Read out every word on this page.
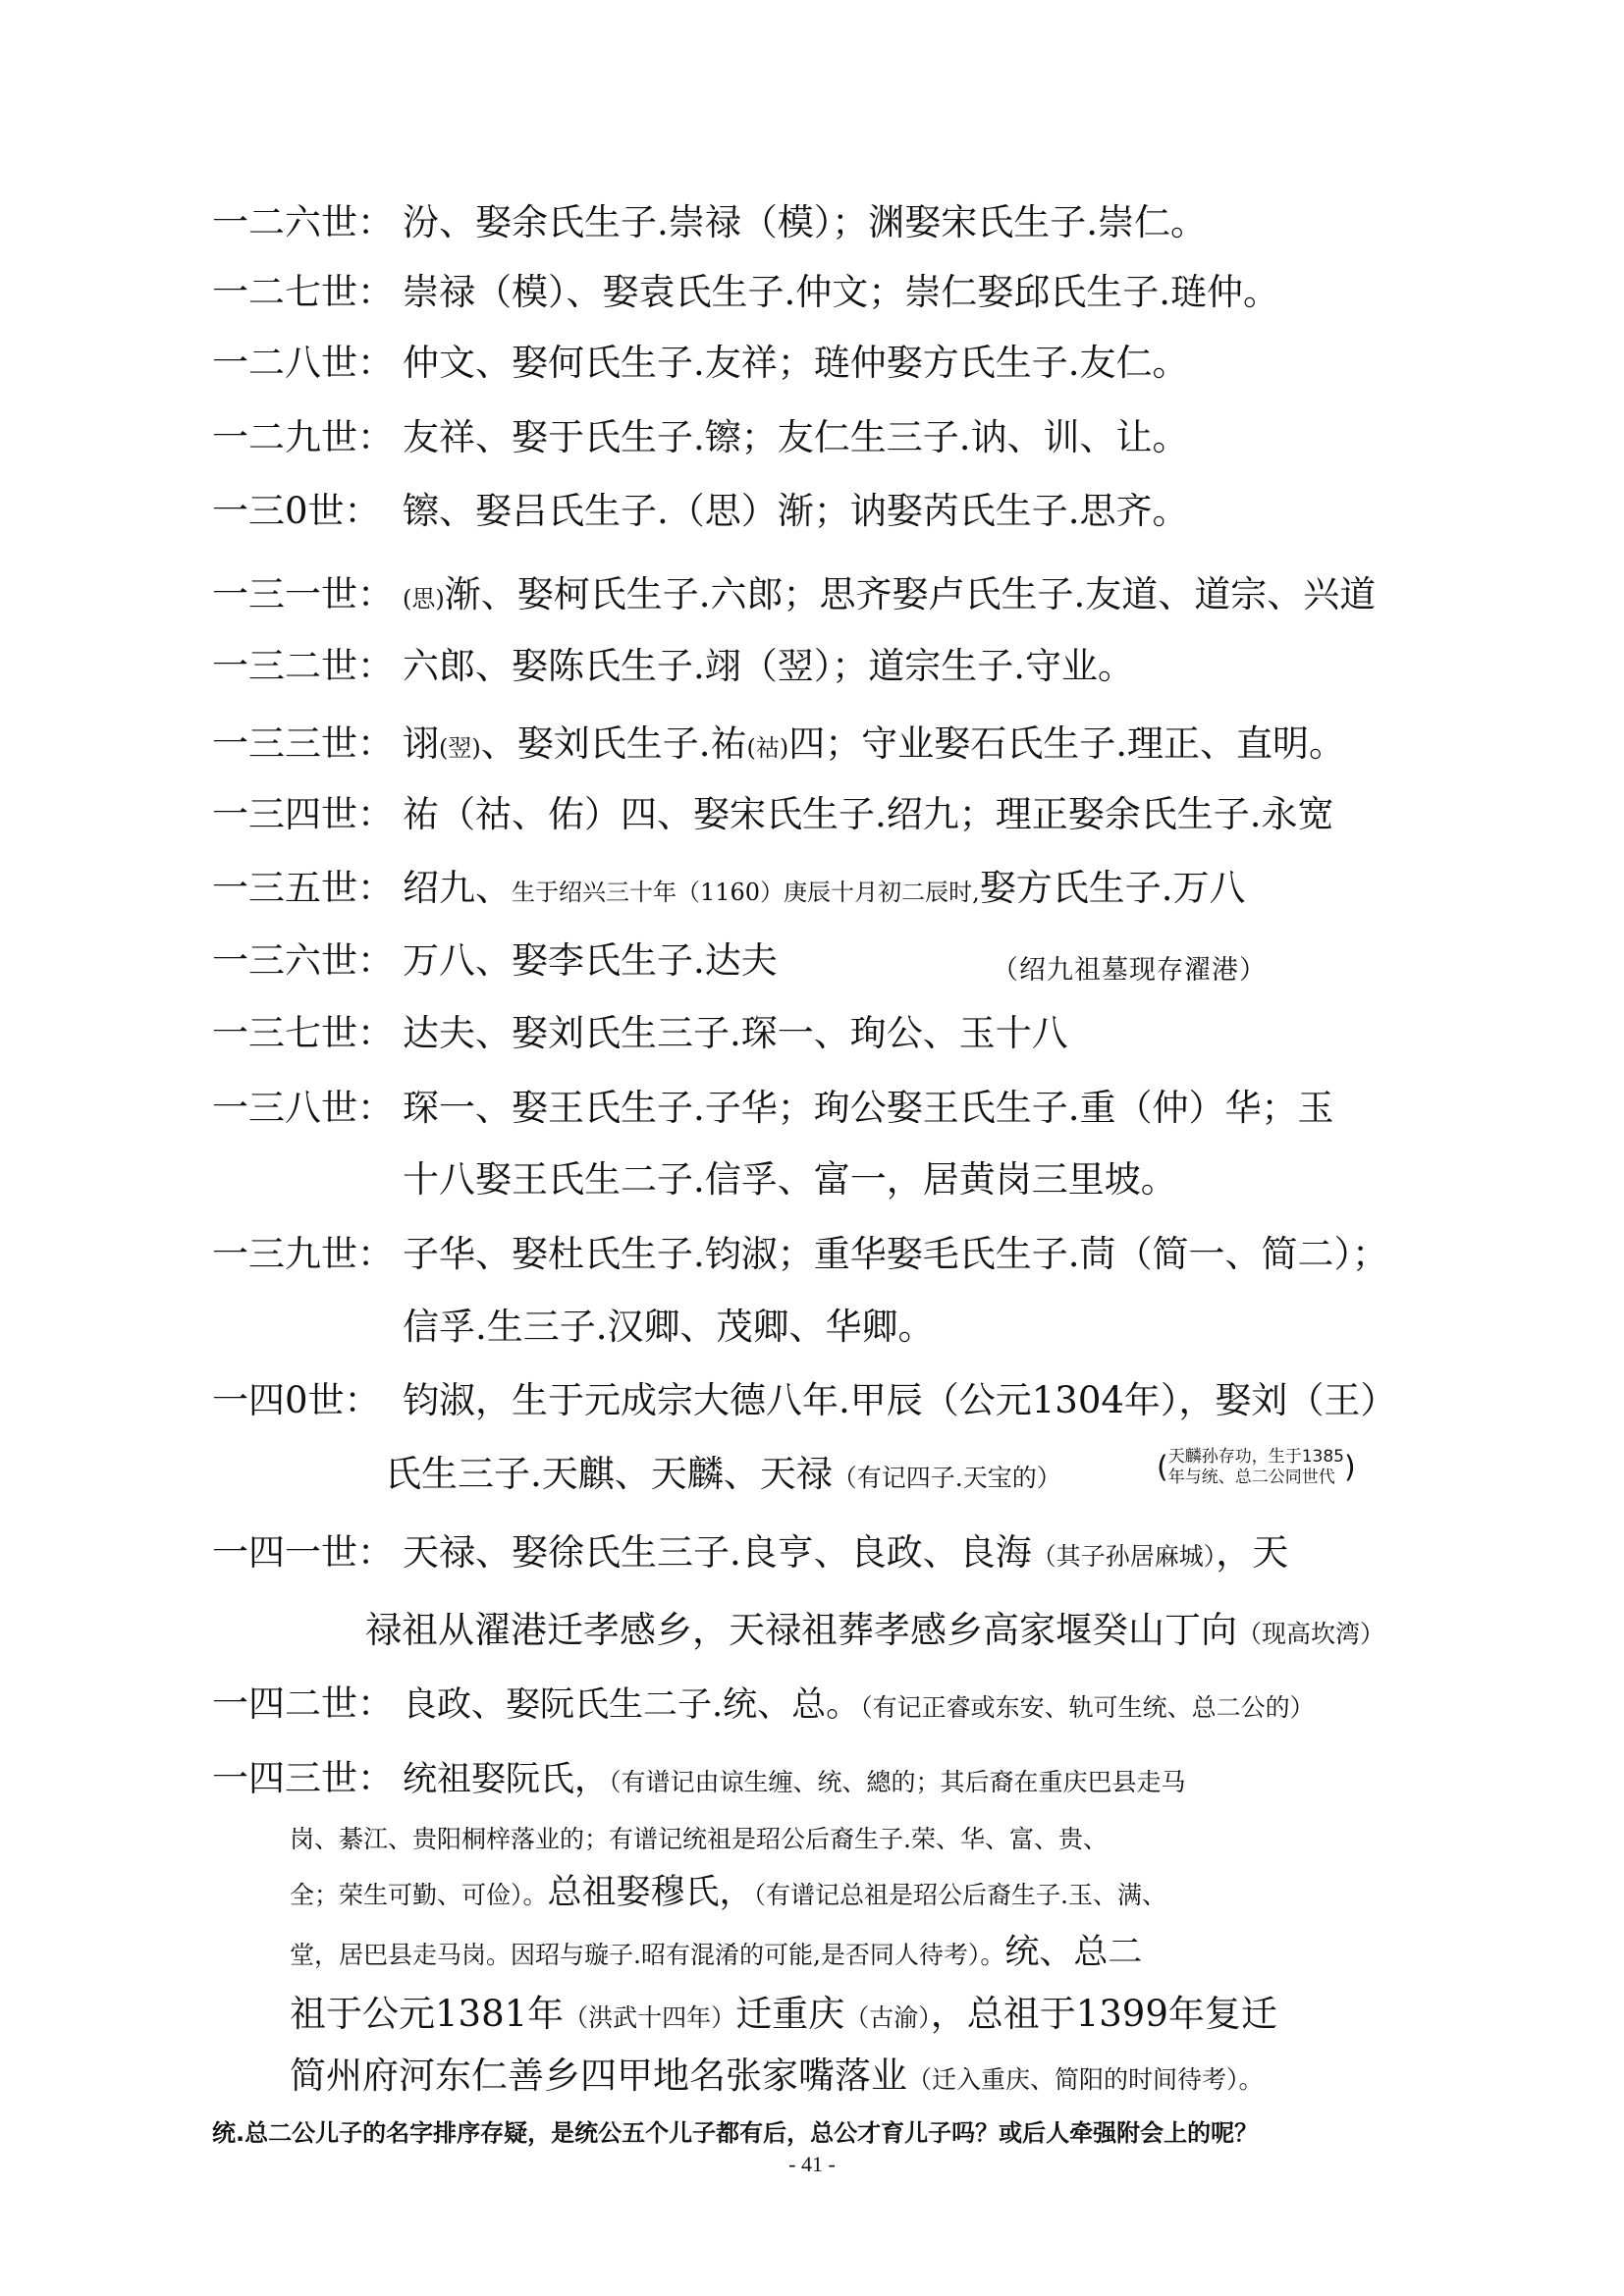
一二六世： 汾、娶余氏生子.崇禄（模）；渊娶宋氏生子.崇仁。
一二七世： 崇禄（模）、娶袁氏生子.仲文；崇仁娶邱氏生子.琏仲。
一二八世： 仲文、娶何氏生子.友祥；琏仲娶方氏生子.友仁。
一二九世： 友祥、娶于氏生子.镲；友仁生三子.讷、训、让。
一三0世： 镲、娶吕氏生子.（思）渐；讷娶芮氏生子.思齐。
一三一世： (思)渐、娶柯氏生子.六郎；思齐娶卢氏生子.友道、道宗、兴道
一三二世： 六郎、娶陈氏生子.翊（翌）；道宗生子.守业。
一三三世： 诩(翌)、娶刘氏生子.祐(祜)四；守业娶石氏生子.理正、直明。
一三四世： 祐（祜、佑）四、娶宋氏生子.绍九；理正娶余氏生子.永宽
一三五世： 绍九、生于绍兴三十年（1160）庚辰十月初二辰时,娶方氏生子.万八
一三六世： 万八、娶李氏生子.达夫	（绍九祖墓现存濯港）
一三七世： 达夫、娶刘氏生三子.琛一、珣公、玉十八
一三八世： 琛一、娶王氏生子.子华；珣公娶王氏生子.重（仲）华；玉
十八娶王氏生二子.信孚、富一，居黄岗三里坡。
一三九世： 子华、娶杜氏生子.钧淑；重华娶毛氏生子.茼（简一、简二）；
信孚.生三子.汉卿、茂卿、华卿。
一四0世： 钧淑，生于元成宗大德八年.甲辰（公元1304年），娶刘（王）
氏生三子.天麒、天麟、天禄（有记四子.天宝的）	(天麟孙存功，生于1385
年与统、总二公同世代 )
一四一世： 天禄、娶徐氏生三子.良亨、良政、良海（其子孙居麻城），天
禄祖从濯港迁孝感乡，天禄祖葬孝感乡高家堰癸山丁向（现高坎湾）
一四二世： 良政、娶阮氏生二子.统、总。（有记正睿或东安、轨可生统、总二公的）
一四三世： 统祖娶阮氏，（有谱记由谅生缠、统、總的；其后裔在重庆巴县走马
岗、綦江、贵阳桐梓落业的；有谱记统祖是玿公后裔生子.荣、华、富、贵、
全；荣生可勤、可俭）。总祖娶穆氏，（有谱记总祖是玿公后裔生子.玉、满、
堂，居巴县走马岗。因玿与璇子.昭有混淆的可能,是否同人待考）。统、总二
祖于公元1381年（洪武十四年）迁重庆（古渝），总祖于1399年复迁
简州府河东仁善乡四甲地名张家嘴落业（迁入重庆、简阳的时间待考）。
统.总二公儿子的名字排序存疑，是统公五个儿子都有后，总公才育儿子吗？或后人牵强附会上的呢？
- 41 -
